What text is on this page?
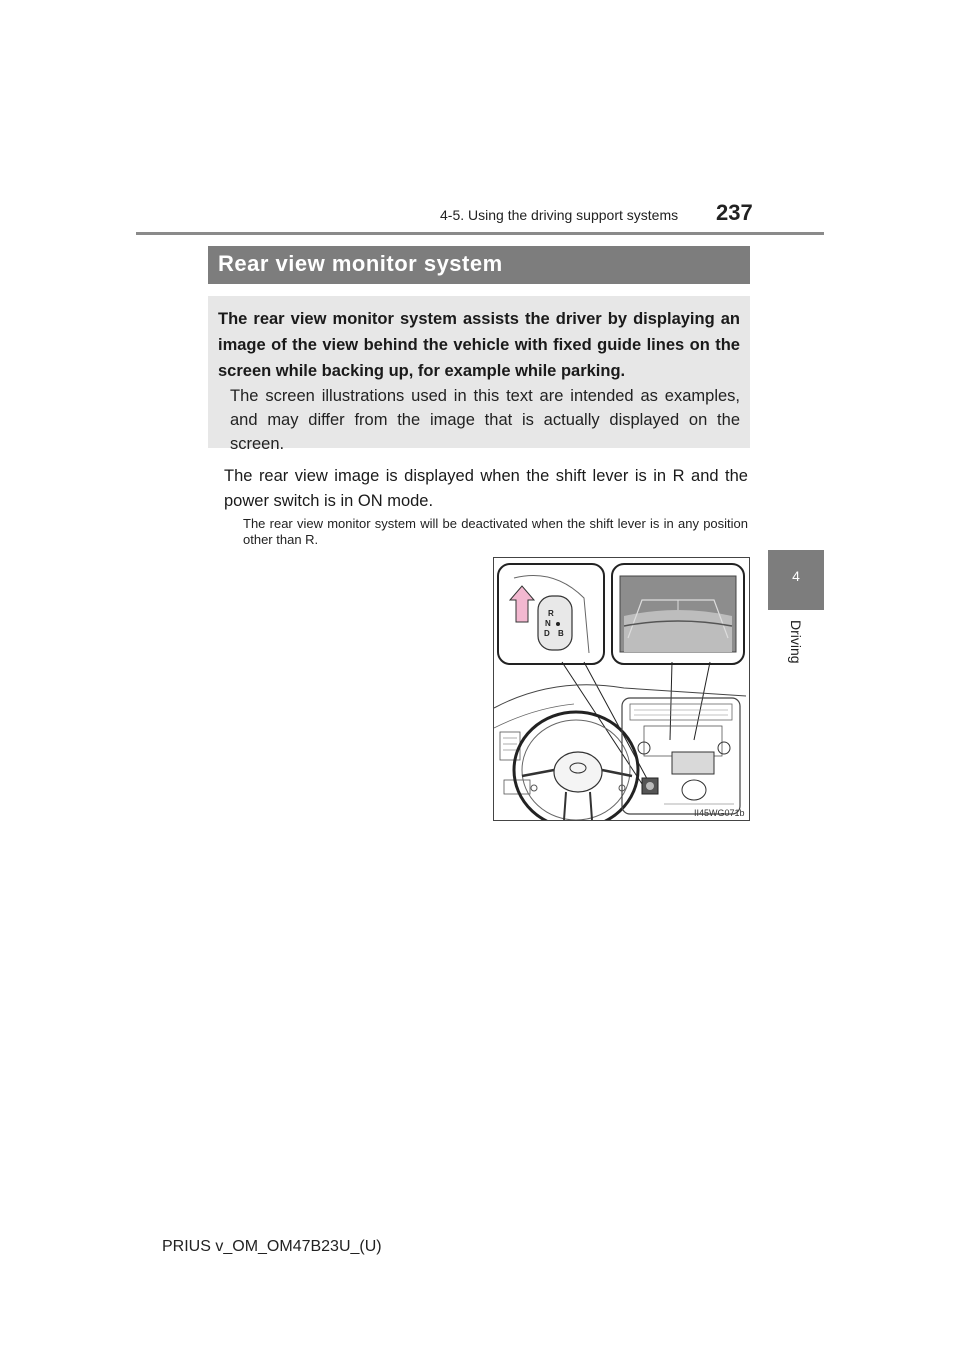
4-5. Using the driving support systems 237
4
Driving
Rear view monitor system
The rear view monitor system assists the driver by displaying an image of the view behind the vehicle with fixed guide lines on the screen while backing up, for example while parking.
The screen illustrations used in this text are intended as examples, and may differ from the image that is actually displayed on the screen.
The rear view image is displayed when the shift lever is in R and the power switch is in ON mode.
The rear view monitor system will be deactivated when the shift lever is in any position other than R.
R
N
D B
II45WG071b
PRIUS v_OM_OM47B23U_(U)
